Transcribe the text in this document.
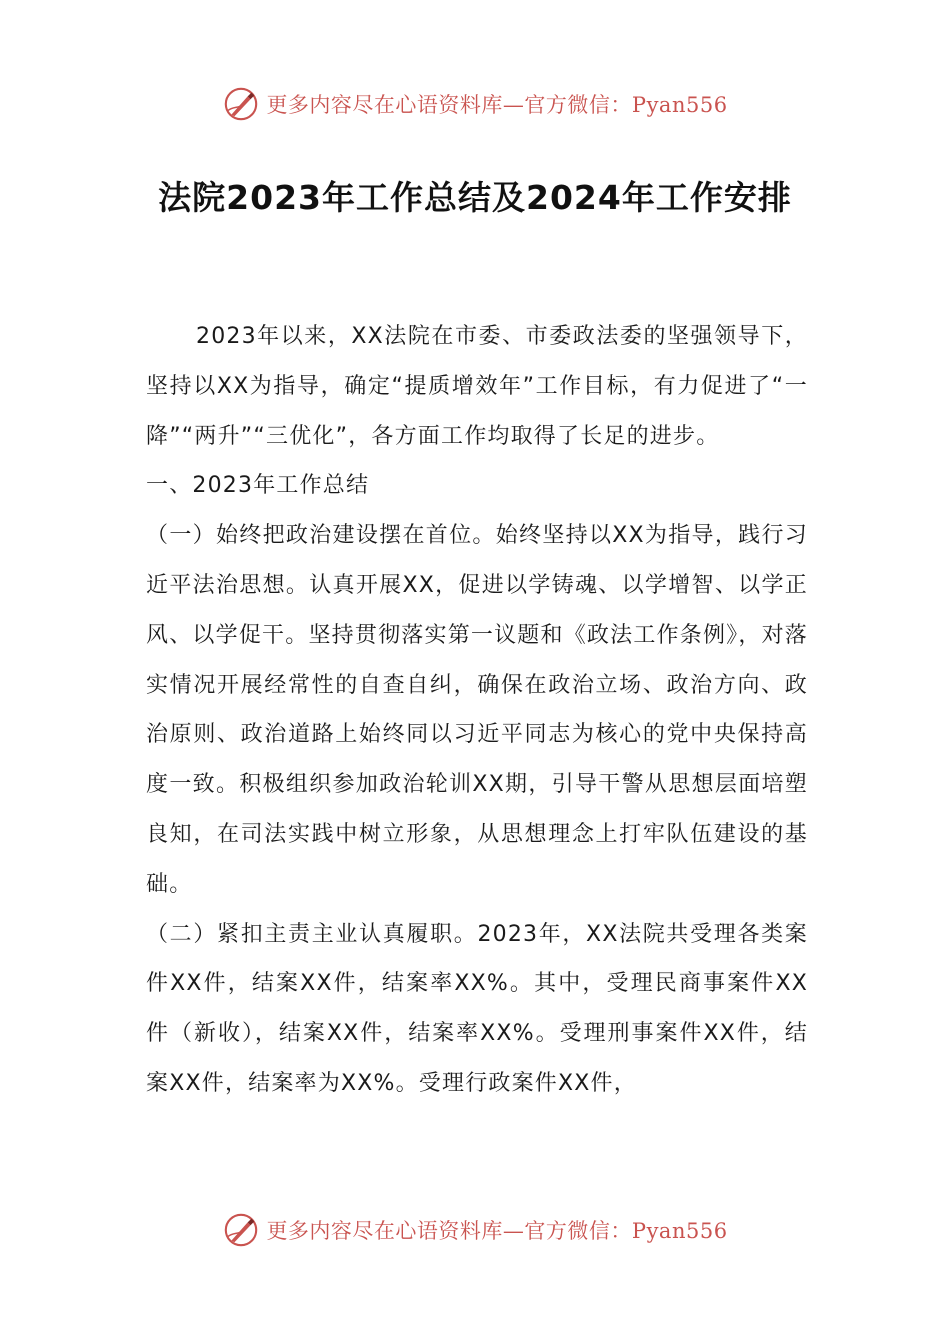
更多内容尽在心语资料库—官方微信：Pyan556
法院2023年工作总结及2024年工作安排

2023年以来，XX法院在市委、市委政法委的坚强领导下，坚持以XX为指导，确定“提质增效年”工作目标，有力促进了“一降”“两升”“三优化”，各方面工作均取得了长足的进步。

一、2023年工作总结

（一）始终把政治建设摆在首位。始终坚持以XX为指导，践行习近平法治思想。认真开展XX，促进以学铸魂、以学增智、以学正风、以学促干。坚持贯彻落实第一议题和《政法工作条例》，对落实情况开展经常性的自查自纠，确保在政治立场、政治方向、政治原则、政治道路上始终同以习近平同志为核心的党中央保持高度一致。积极组织参加政治轮训XX期，引导干警从思想层面培塑良知，在司法实践中树立形象，从思想理念上打牢队伍建设的基础。

（二）紧扣主责主业认真履职。2023年，XX法院共受理各类案件XX件，结案XX件，结案率XX%。其中，受理民商事案件XX件（新收），结案XX件，结案率XX%。受理刑事案件XX件，结案XX件，结案率为XX%。受理行政案件XX件，

更多内容尽在心语资料库—官方微信：Pyan556
